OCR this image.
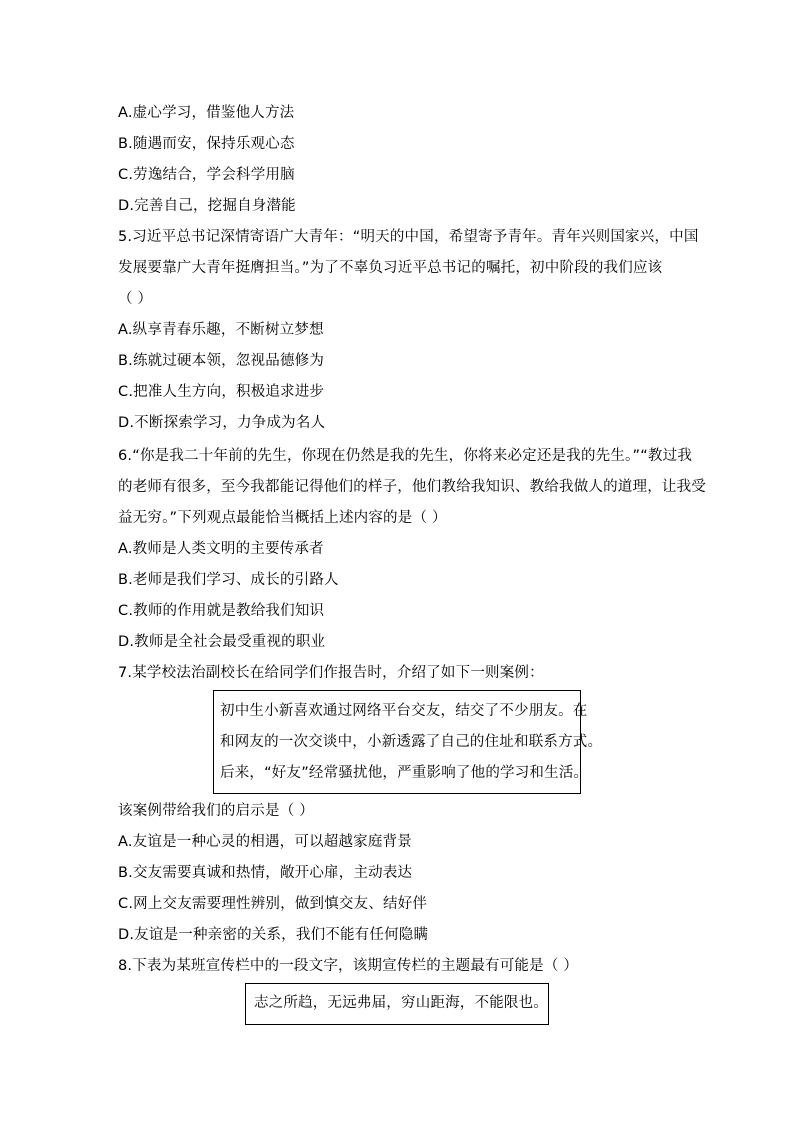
A.虚心学习，借鉴他人方法
B.随遇而安，保持乐观心态
C.劳逸结合，学会科学用脑
D.完善自己，挖掘自身潜能
5.习近平总书记深情寄语广大青年：“明天的中国，希望寄予青年。青年兴则国家兴，中国
发展要靠广大青年挺膺担当。”为了不辜负习近平总书记的嘱托，初中阶段的我们应该
（ ）
A.纵享青春乐趣，不断树立梦想
B.练就过硬本领，忽视品德修为
C.把准人生方向，积极追求进步
D.不断探索学习，力争成为名人
6.“你是我二十年前的先生，你现在仍然是我的先生，你将来必定还是我的先生。”“教过我
的老师有很多，至今我都能记得他们的样子，他们教给我知识、教给我做人的道理，让我受
益无穷。”下列观点最能恰当概括上述内容的是（ ）
A.教师是人类文明的主要传承者
B.老师是我们学习、成长的引路人
C.教师的作用就是教给我们知识
D.教师是全社会最受重视的职业
7.某学校法治副校长在给同学们作报告时，介绍了如下一则案例：
初中生小新喜欢通过网络平台交友，结交了不少朋友。在
和网友的一次交谈中，小新透露了自己的住址和联系方式。
后来，“好友”经常骚扰他，严重影响了他的学习和生活。
该案例带给我们的启示是（ ）
A.友谊是一种心灵的相遇，可以超越家庭背景
B.交友需要真诚和热情，敞开心扉，主动表达
C.网上交友需要理性辨别，做到慎交友、结好伴
D.友谊是一种亲密的关系，我们不能有任何隐瞒
8.下表为某班宣传栏中的一段文字，该期宣传栏的主题最有可能是（ ）
志之所趋，无远弗届，穷山距海，不能限也。
